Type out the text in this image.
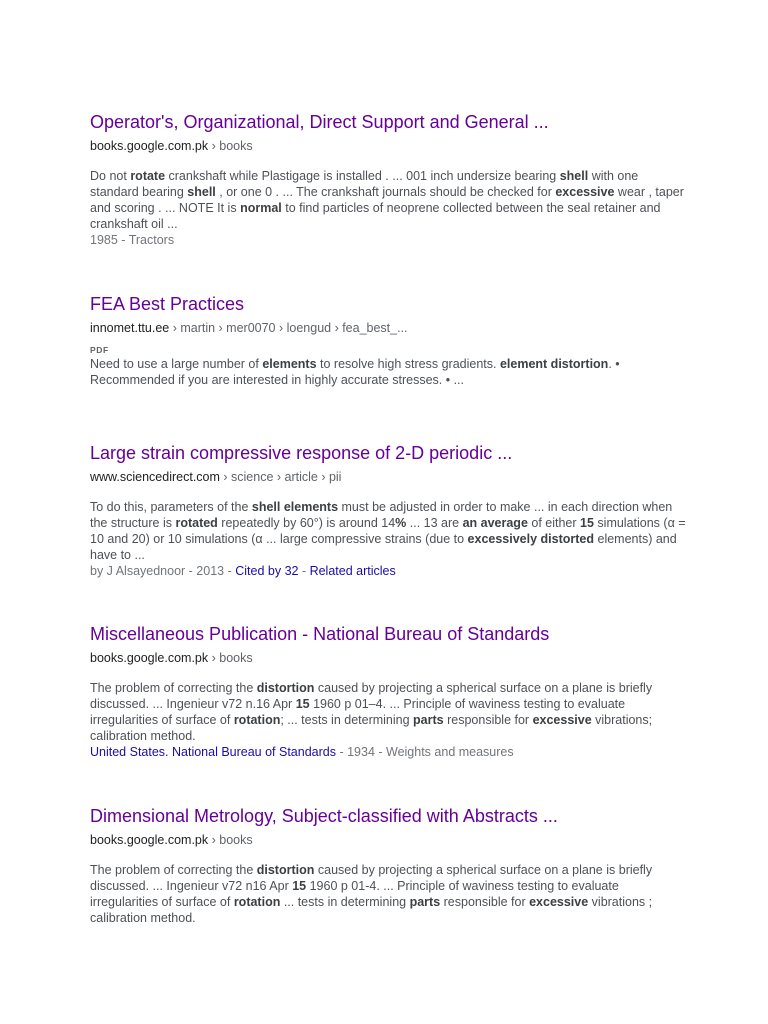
Operator's, Organizational, Direct Support and General ...
books.google.com.pk › books
Do not rotate crankshaft while Plastigage is installed . ... 001 inch undersize bearing shell with one standard bearing shell , or one 0 . ... The crankshaft journals should be checked for excessive wear , taper and scoring . ... NOTE It is normal to find particles of neoprene collected between the seal retainer and crankshaft oil ...
1985 - Tractors
FEA Best Practices
innomet.ttu.ee › martin › mer0070 › loengud › fea_best_...
PDF
Need to use a large number of elements to resolve high stress gradients. element distortion. • Recommended if you are interested in highly accurate stresses. • ...
Large strain compressive response of 2-D periodic ...
www.sciencedirect.com › science › article › pii
To do this, parameters of the shell elements must be adjusted in order to make ... in each direction when the structure is rotated repeatedly by 60°) is around 14% ... 13 are an average of either 15 simulations (α = 10 and 20) or 10 simulations (α ... large compressive strains (due to excessively distorted elements) and have to ...
by J Alsayednoor - 2013 - Cited by 32 - Related articles
Miscellaneous Publication - National Bureau of Standards
books.google.com.pk › books
The problem of correcting the distortion caused by projecting a spherical surface on a plane is briefly discussed. ... Ingenieur v72 n.16 Apr 15 1960 p 01–4. ... Principle of waviness testing to evaluate irregularities of surface of rotation; ... tests in determining parts responsible for excessive vibrations; calibration method.
United States. National Bureau of Standards - 1934 - Weights and measures
Dimensional Metrology, Subject-classified with Abstracts ...
books.google.com.pk › books
The problem of correcting the distortion caused by projecting a spherical surface on a plane is briefly discussed. ... Ingenieur v72 n16 Apr 15 1960 p 01-4. ... Principle of waviness testing to evaluate irregularities of surface of rotation ... tests in determining parts responsible for excessive vibrations ; calibration method.
